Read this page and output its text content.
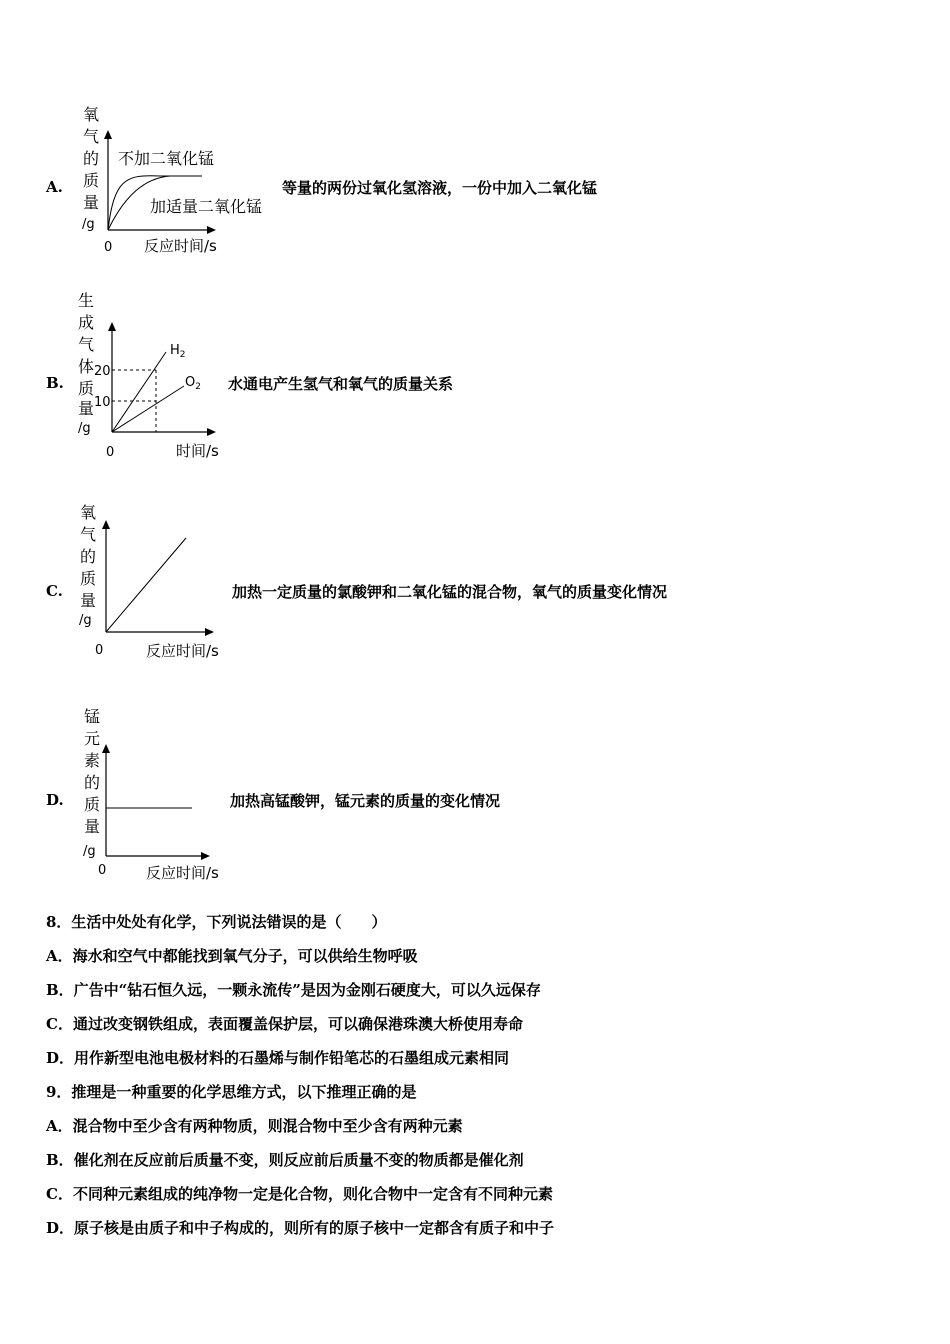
A.
氧
气
的
质
量
/g
不加二氧化锰
加适量二氧化锰
0 反应时间/s
等量的两份过氧化氢溶液，一份中加入二氧化锰
B.
生
成
气
体
质
量
/g
20
10
$H_2$
$O_2$
0	时间/s
水通电产生氢气和氧气的质量关系
C.
氧
气
的
质
量
/g
0	反应时间/s
加热一定质量的氯酸钾和二氧化锰的混合物，氧气的质量变化情况
D.
锰
元
素
的
质
量
/g
0	反应时间/s
加热高锰酸钾，锰元素的质量的变化情况
8．生活中处处有化学，下列说法错误的是（　　）
A．海水和空气中都能找到氧气分子，可以供给生物呼吸
B．广告中“钻石恒久远，一颗永流传”是因为金刚石硬度大，可以久远保存
C．通过改变钢铁组成，表面覆盖保护层，可以确保港珠澳大桥使用寿命
D．用作新型电池电极材料的石墨烯与制作铅笔芯的石墨组成元素相同
9．推理是一种重要的化学思维方式，以下推理正确的是
A．混合物中至少含有两种物质，则混合物中至少含有两种元素
B．催化剂在反应前后质量不变，则反应前后质量不变的物质都是催化剂
C．不同种元素组成的纯净物一定是化合物，则化合物中一定含有不同种元素
D．原子核是由质子和中子构成的，则所有的原子核中一定都含有质子和中子
